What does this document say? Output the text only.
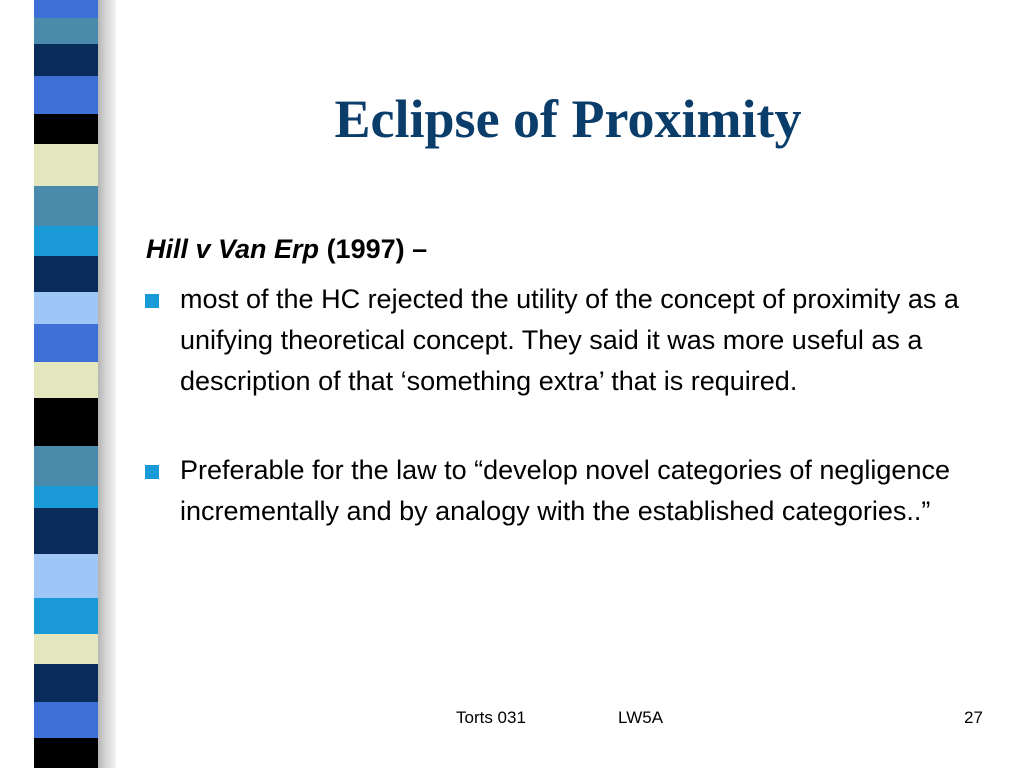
Eclipse of Proximity
Hill v Van Erp (1997) –
most of the HC rejected the utility of the concept of proximity as a unifying theoretical concept. They said it was more useful as a description of that ‘something extra’ that is required.
Preferable for the law to “develop novel categories of negligence incrementally and by analogy with the established categories..”
Torts 031	LW5A	27
